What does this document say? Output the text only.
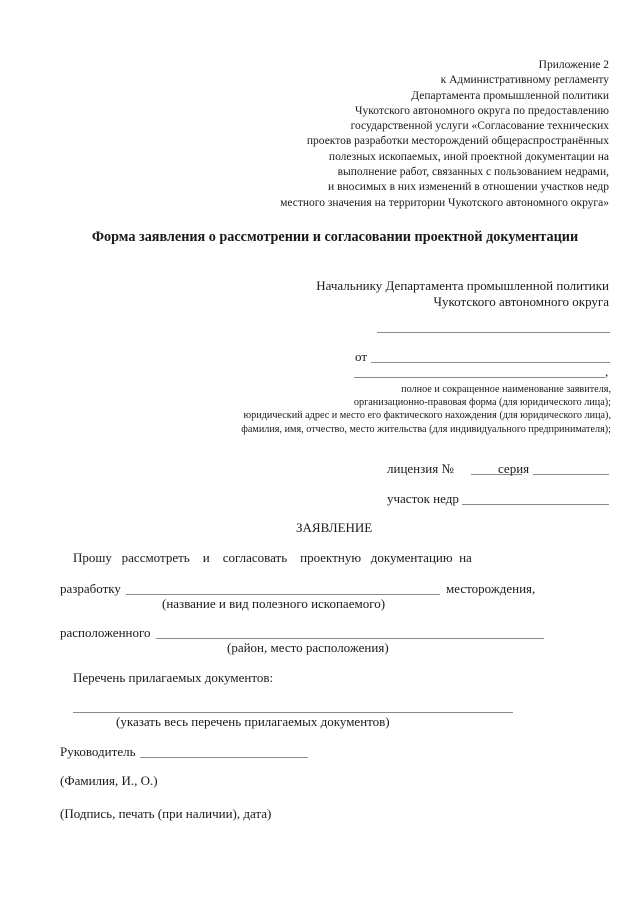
Приложение 2
к Административному регламенту
Департамента промышленной политики
Чукотского автономного округа по предоставлению
государственной услуги «Согласование технических
проектов разработки месторождений общераспространённых
полезных ископаемых, иной проектной документации на
выполнение работ, связанных с пользованием недрами,
и вносимых в них изменений в отношении участков недр
местного значения на территории Чукотского автономного округа»
Форма заявления о рассмотрении и согласовании проектной документации
Начальнику Департамента промышленной политики
Чукотского автономного округа
от
,
полное и сокращенное наименование заявителя,
организационно-правовая форма (для юридического лица);
юридический адрес и место его фактического нахождения (для юридического лица),
фамилия, имя, отчество, место жительства (для индивидуального предпринимателя);
лицензия №	серия
участок недр
ЗАЯВЛЕНИЕ
Прошу   рассмотреть    и    согласовать    проектную   документацию  на
разработку	месторождения,
(название и вид полезного ископаемого)
расположенного
(район, место расположения)
Перечень прилагаемых документов:
(указать весь перечень прилагаемых документов)
Руководитель
(Фамилия, И., О.)
(Подпись, печать (при наличии), дата)
